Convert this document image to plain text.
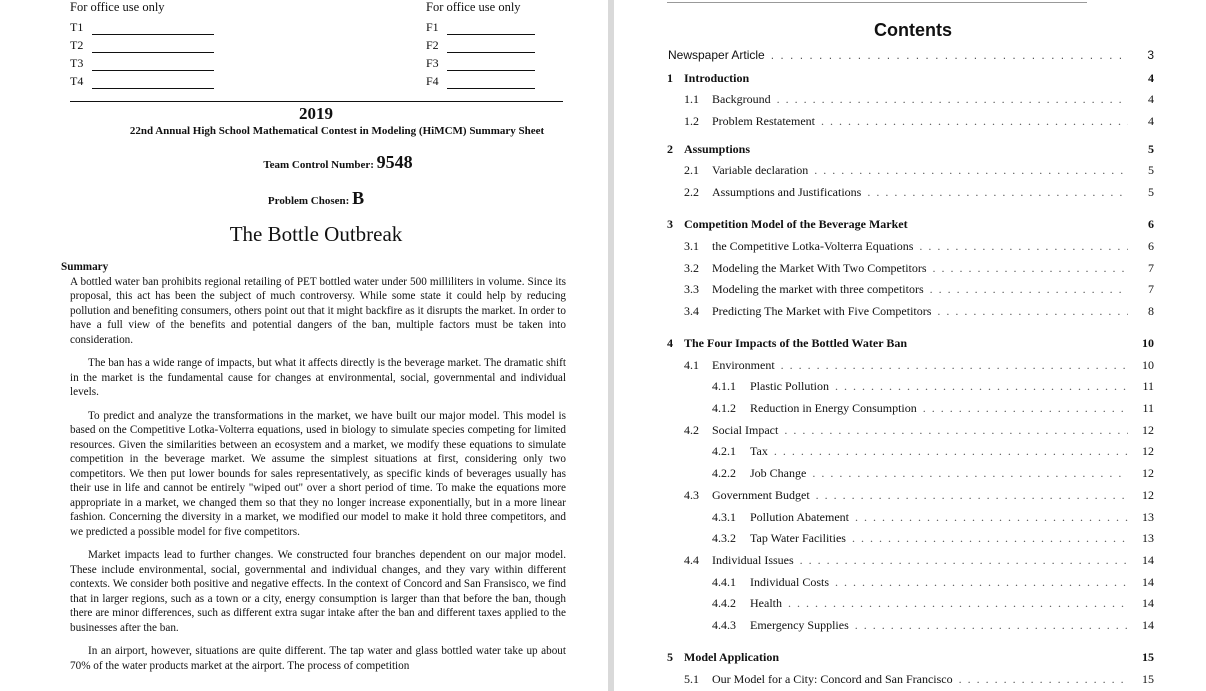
For office use only
T1
T2
T3
T4
For office use only
F1
F2
F3
F4
2019
22nd Annual High School Mathematical Contest in Modeling (HiMCM) Summary Sheet
Team Control Number: 9548
Problem Chosen: B
The Bottle Outbreak
Summary

A bottled water ban prohibits regional retailing of PET bottled water under 500 milliliters in volume. Since its proposal, this act has been the subject of much controversy. While some state it could help by reducing pollution and benefiting consumers, others point out that it might backfire as it disrupts the market. In order to have a full view of the benefits and potential dangers of the ban, multiple factors must be taken into consideration.

The ban has a wide range of impacts, but what it affects directly is the beverage market. The dramatic shift in the market is the fundamental cause for changes at environmental, social, governmental and individual levels.

To predict and analyze the transformations in the market, we have built our major model. This model is based on the Competitive Lotka-Volterra equations, used in biology to simulate species competing for limited resources. Given the similarities between an ecosystem and a market, we modify these equations to simulate competition in the beverage market. We assume the simplest situations at first, considering only two competitors. We then put lower bounds for sales representatively, as specific kinds of beverages usually has their use in life and cannot be entirely "wiped out" over a short period of time. To make the equations more appropriate in a market, we changed them so that they no longer increase exponentially, but in a more linear fashion. Concerning the diversity in a market, we modified our model to make it hold three competitors, and we predicted a possible model for five competitors.

Market impacts lead to further changes. We constructed four branches dependent on our major model. These include environmental, social, governmental and individual changes, and they vary within different contexts. We consider both positive and negative effects. In the context of Concord and San Fransisco, we find that in larger regions, such as a town or a city, energy consumption is larger than that before the ban, though there are minor differences, such as different extra sugar intake after the ban and different taxes applied to the businesses after the ban.

In an airport, however, situations are quite different. The tap water and glass bottled water take up about 70% of the water products market at the airport. The process of competition

Contents
Newspaper Article . . .	3
1 Introduction	4
1.1	Background . . .	4
1.2	Problem Restatement . . .	4
2 Assumptions	5
2.1	Variable declaration . . .	5
2.2	Assumptions and Justifications . . .	5
3 Competition Model of the Beverage Market	6
3.1	the Competitive Lotka-Volterra Equations . . .	6
3.2	Modeling the Market With Two Competitors . . .	7
3.3	Modeling the market with three competitors . . .	7
3.4	Predicting The Market with Five Competitors . . .	8
4 The Four Impacts of the Bottled Water Ban	10
4.1	Environment . . .	10
4.1.1	Plastic Pollution . . .	11
4.1.2	Reduction in Energy Consumption . . .	11
4.2	Social Impact . . .	12
4.2.1	Tax . . .	12
4.2.2	Job Change . . .	12
4.3	Government Budget . . .	12
4.3.1	Pollution Abatement . . .	13
4.3.2	Tap Water Facilities . . .	13
4.4	Individual Issues . . .	14
4.4.1	Individual Costs . . .	14
4.4.2	Health . . .	14
4.4.3	Emergency Supplies . . .	14
5 Model Application	15
5.1	Our Model for a City: Concord and San Francisco . . .	15
